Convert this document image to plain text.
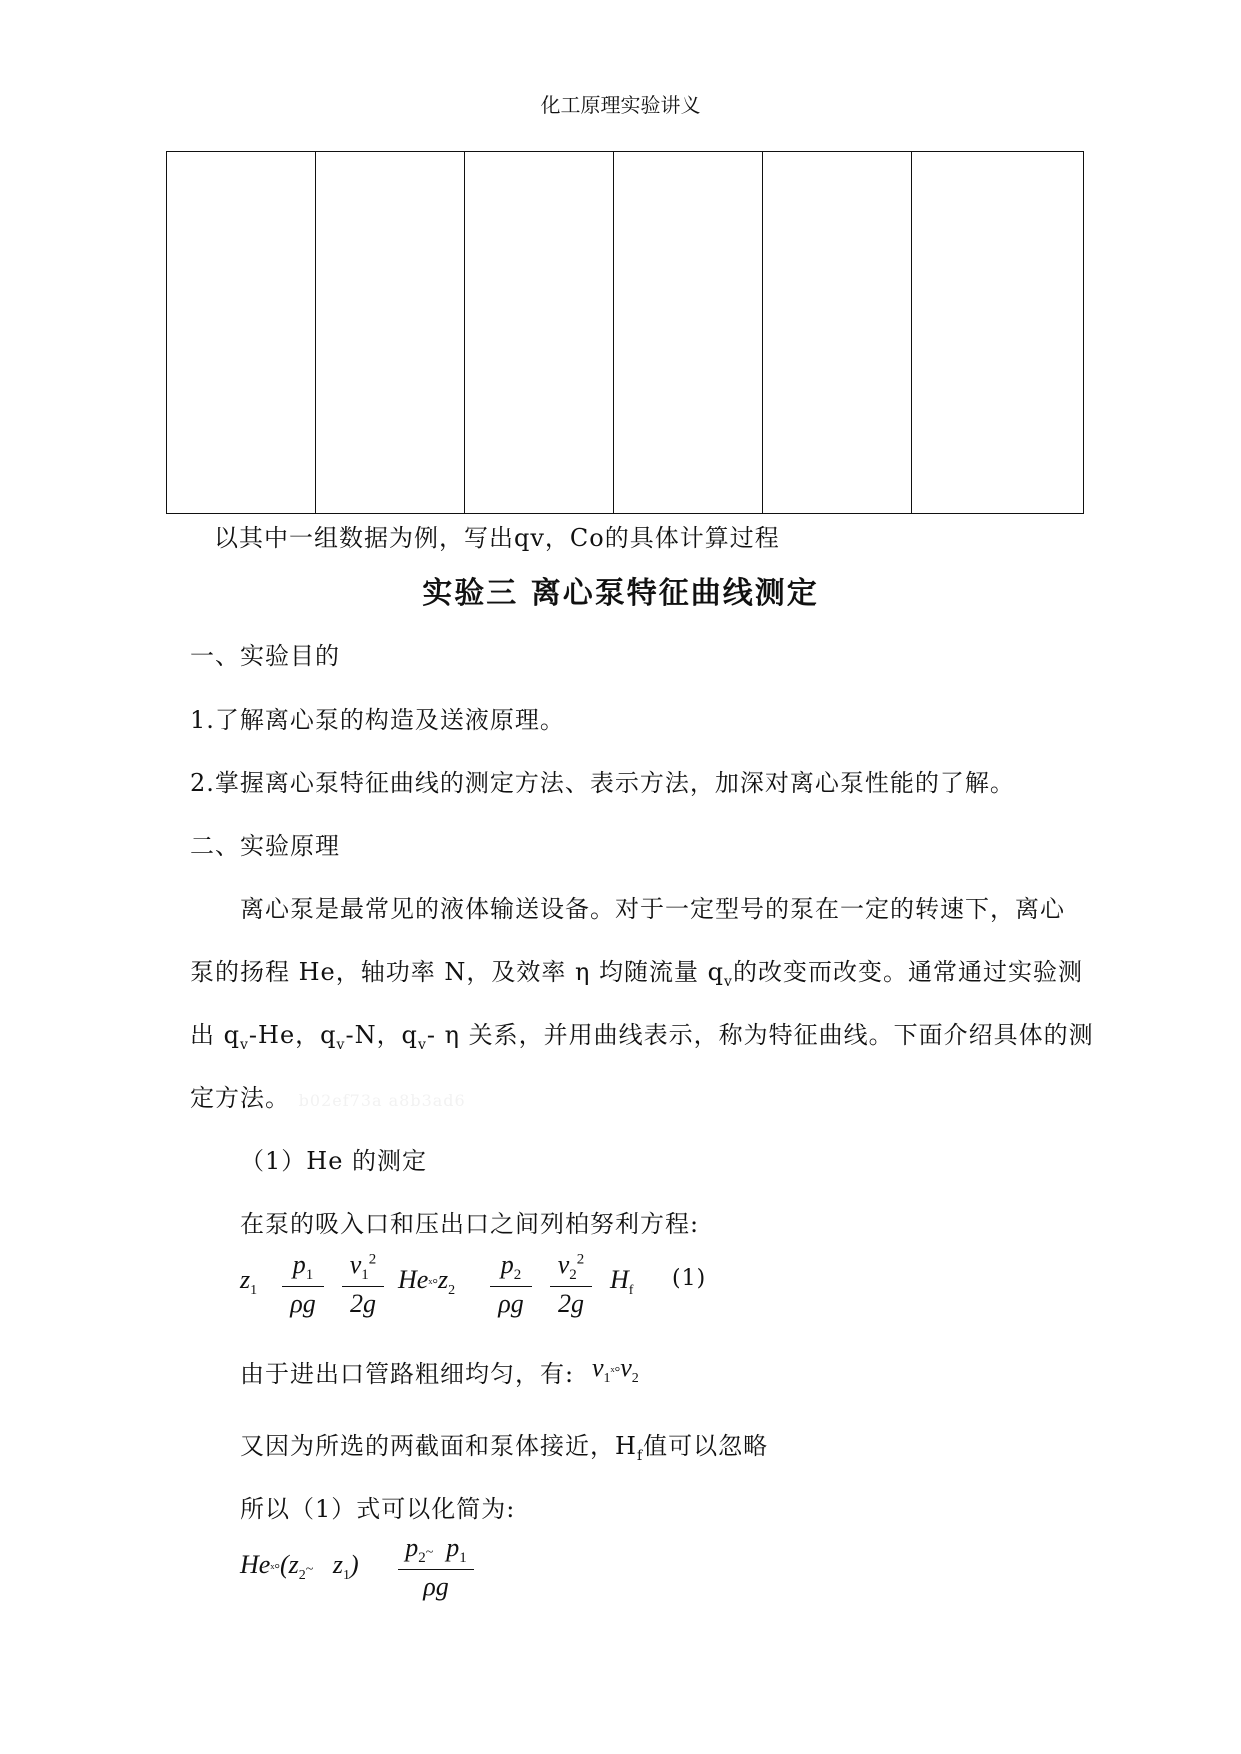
化工原理实验讲义

以其中一组数据为例，写出qv，Co的具体计算过程
实验三 离心泵特征曲线测定
一、实验目的
1.了解离心泵的构造及送液原理。
2.掌握离心泵特征曲线的测定方法、表示方法，加深对离心泵性能的了解。
二、实验原理
离心泵是最常见的液体输送设备。对于一定型号的泵在一定的转速下，离心
泵的扬程 He，轴功率 N，及效率 η 均随流量 $q_v$的改变而改变。通常通过实验测
出 $q_v-He$，$q_v-N$，$q_v-$ η 关系，并用曲线表示，称为特征曲线。下面介绍具体的测
定方法。 b02ef73a a8b3ad6
（1）He 的测定
在泵的吸入口和压出口之间列柏努利方程:
$z_1 \frac{p_1}{\rho g} \frac{v_1^2}{2g}$ $Heˣ^\circ z_2 \frac{p_2}{\rho g} \frac{v_2^2}{2g} H_f$ (1)
由于进出口管路粗细均匀，有: $v_1ˣ^\circ v_2$
又因为所选的两截面和泵体接近，$H_f$值可以忽略
所以（1）式可以化简为:
$Heˣ^\circ(z_2\sim$ $z_1) \frac{p_2\sim p_1}{\rho g}$
